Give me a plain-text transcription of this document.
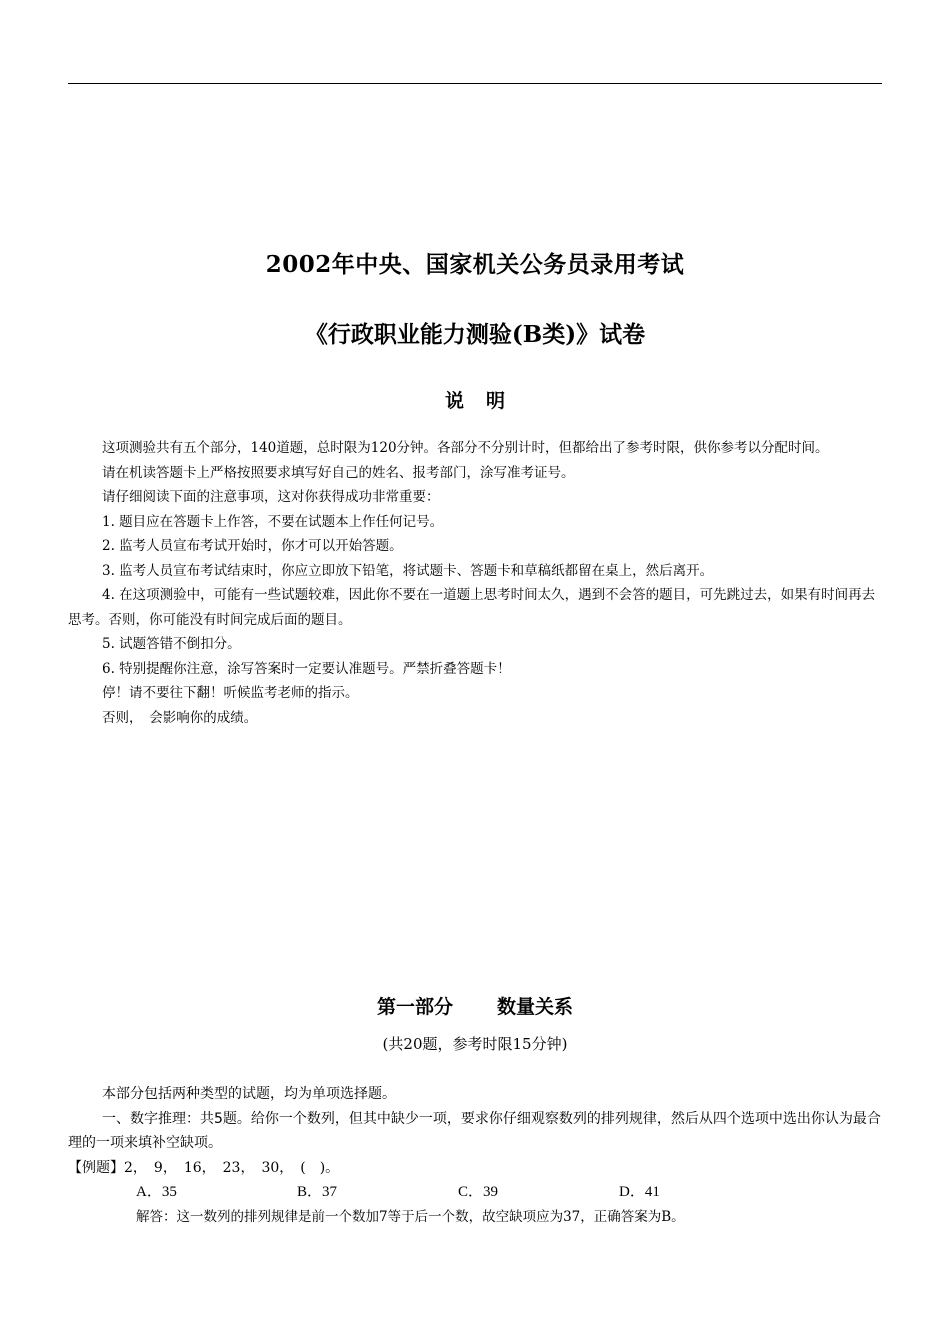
2002年中央、国家机关公务员录用考试
《行政职业能力测验(B类)》试卷
说明

这项测验共有五个部分，140道题，总时限为120分钟。各部分不分别计时，但都给出了参考时限，供你参考以分配时间。

请在机读答题卡上严格按照要求填写好自己的姓名、报考部门，涂写准考证号。

请仔细阅读下面的注意事项，这对你获得成功非常重要：

1. 题目应在答题卡上作答，不要在试题本上作任何记号。

2. 监考人员宣布考试开始时，你才可以开始答题。

3. 监考人员宣布考试结束时，你应立即放下铅笔，将试题卡、答题卡和草稿纸都留在桌上，然后离开。

4. 在这项测验中，可能有一些试题较难，因此你不要在一道题上思考时间太久，遇到不会答的题目，可先跳过去，如果有时间再去思考。否则，你可能没有时间完成后面的题目。

5. 试题答错不倒扣分。

6. 特别提醒你注意，涂写答案时一定要认准题号。严禁折叠答题卡！

停！请不要往下翻！听候监考老师的指示。

否则，　会影响你的成绩。

第一部分 数量关系
(共20题，参考时限15分钟)

本部分包括两种类型的试题，均为单项选择题。

一、数字推理：共5题。给你一个数列，但其中缺少一项，要求你仔细观察数列的排列规律，然后从四个选项中选出你认为最合理的一项来填补空缺项。

【例题】2，　9，　16，　23，　30，　(　)。

A．35	B．37	C．39	D．41

解答：这一数列的排列规律是前一个数加7等于后一个数，故空缺项应为37，正确答案为B。
